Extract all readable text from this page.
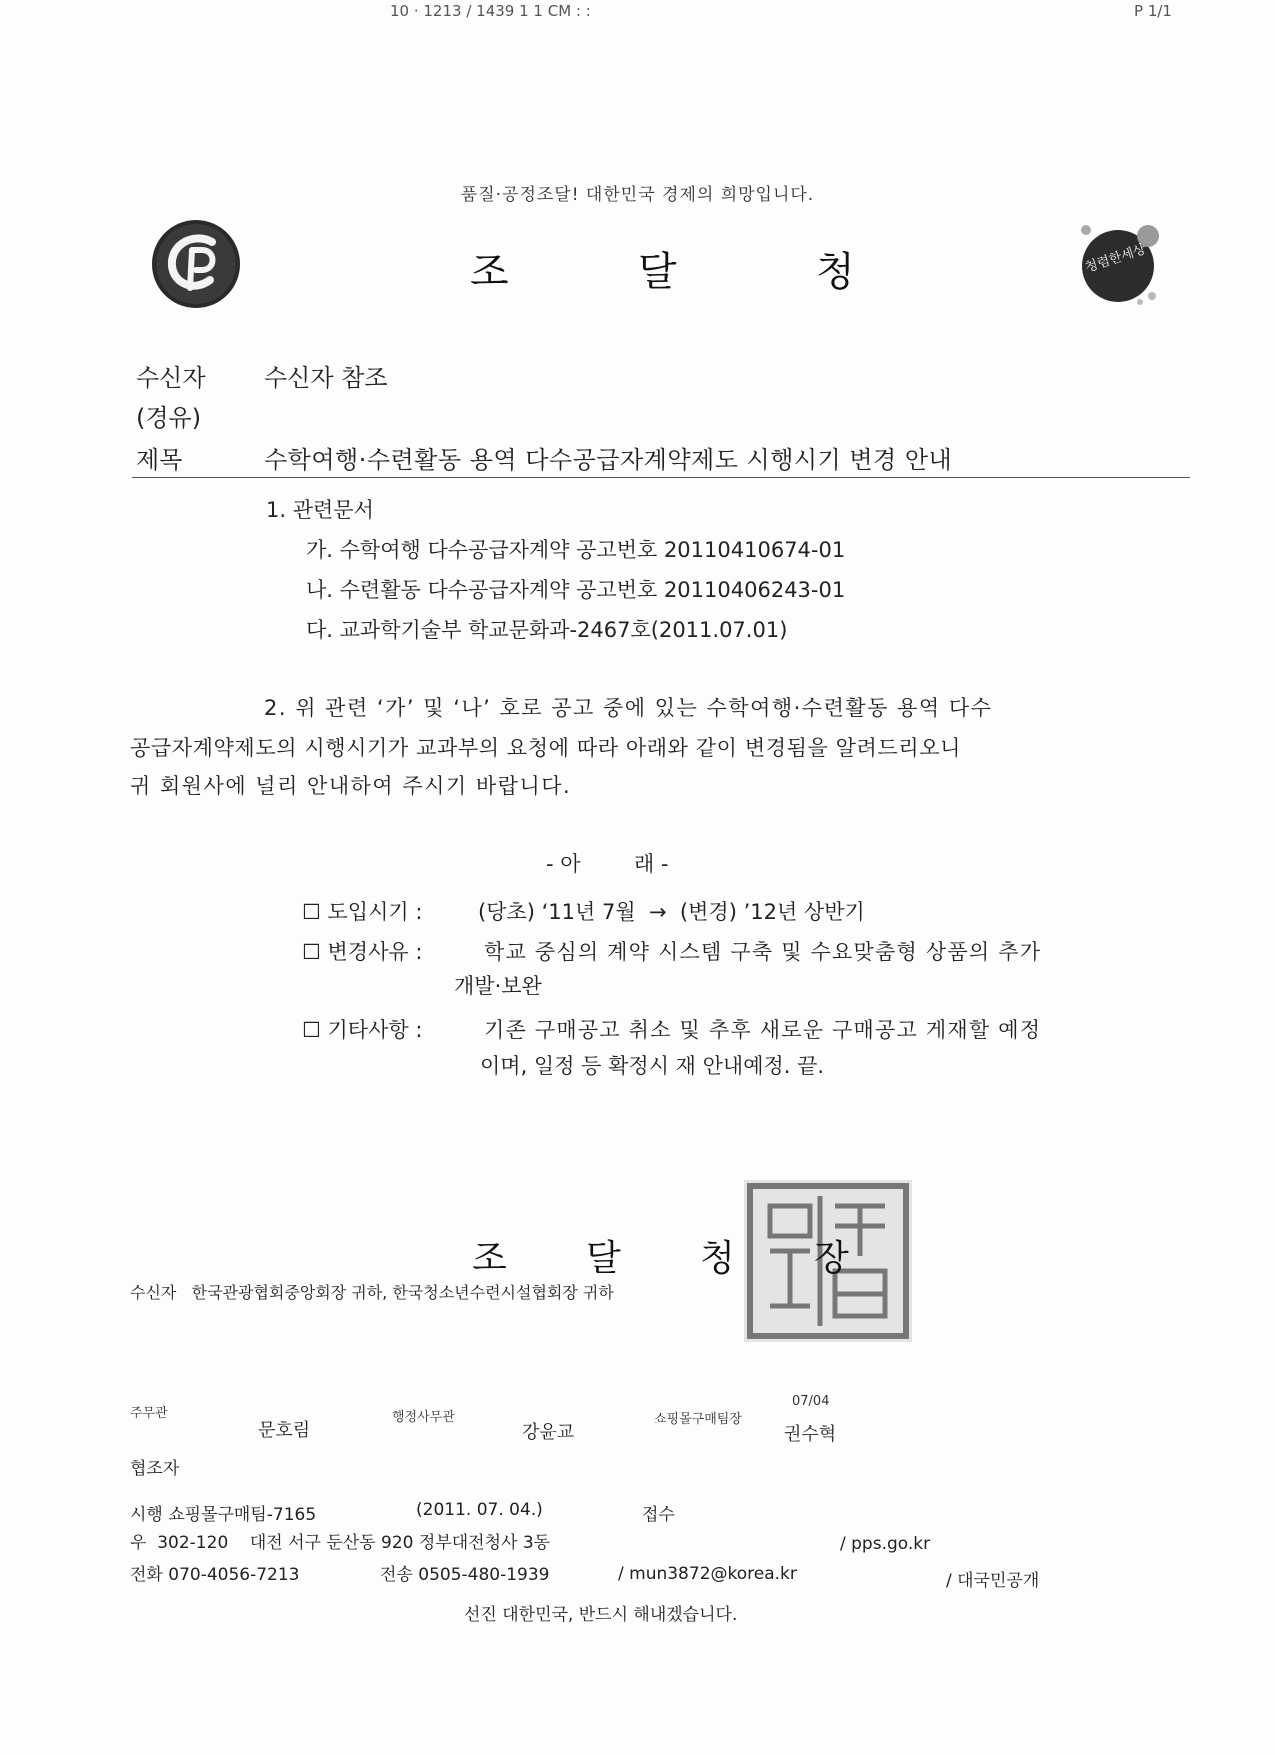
10 · 1213 / 1439 1 1 CM : :	P 1/1
품질·공정조달! 대한민국 경제의 희망입니다.
조	달	청	청렴한세상
수신자 수신자 참조
(경유)
제목	수학여행·수련활동 용역 다수공급자계약제도 시행시기 변경 안내
1. 관련문서
가. 수학여행 다수공급자계약 공고번호 20110410674-01
나. 수련활동 다수공급자계약 공고번호 20110406243-01
다. 교과학기술부 학교문화과-2467호(2011.07.01)
2. 위 관련 ‘가’ 및 ‘나’ 호로 공고 중에 있는 수학여행·수련활동 용역 다수
공급자계약제도의 시행시기가 교과부의 요청에 따라 아래와 같이 변경됨을 알려드리오니
귀 회원사에 널리 안내하여 주시기 바랍니다.
- 아        래 -
☐ 도입시기 :	(당초) ‘11년 7월  →  (변경) ’12년 상반기
☐ 변경사유 :	학교 중심의 계약 시스템 구축 및 수요맞춤형 상품의 추가
개발·보완
☐ 기타사항 :	기존 구매공고 취소 및 추후 새로운 구매공고 게재할 예정
이며, 일정 등 확정시 재 안내예정. 끝.
조 달 청 장
수신자   한국관광협회중앙회장 귀하, 한국청소년수련시설협회장 귀하
주무관
문호림
행정사무관
강윤교
쇼핑몰구매팀장
07/04
권수혁
협조자
시행 쇼핑몰구매팀-7165	(2011. 07. 04.)	접수
우  302-120    대전 서구 둔산동 920 정부대전청사 3동	/ pps.go.kr
전화 070-4056-7213	전송 0505-480-1939	/ mun3872@korea.kr	/ 대국민공개
선진 대한민국, 반드시 해내겠습니다.
